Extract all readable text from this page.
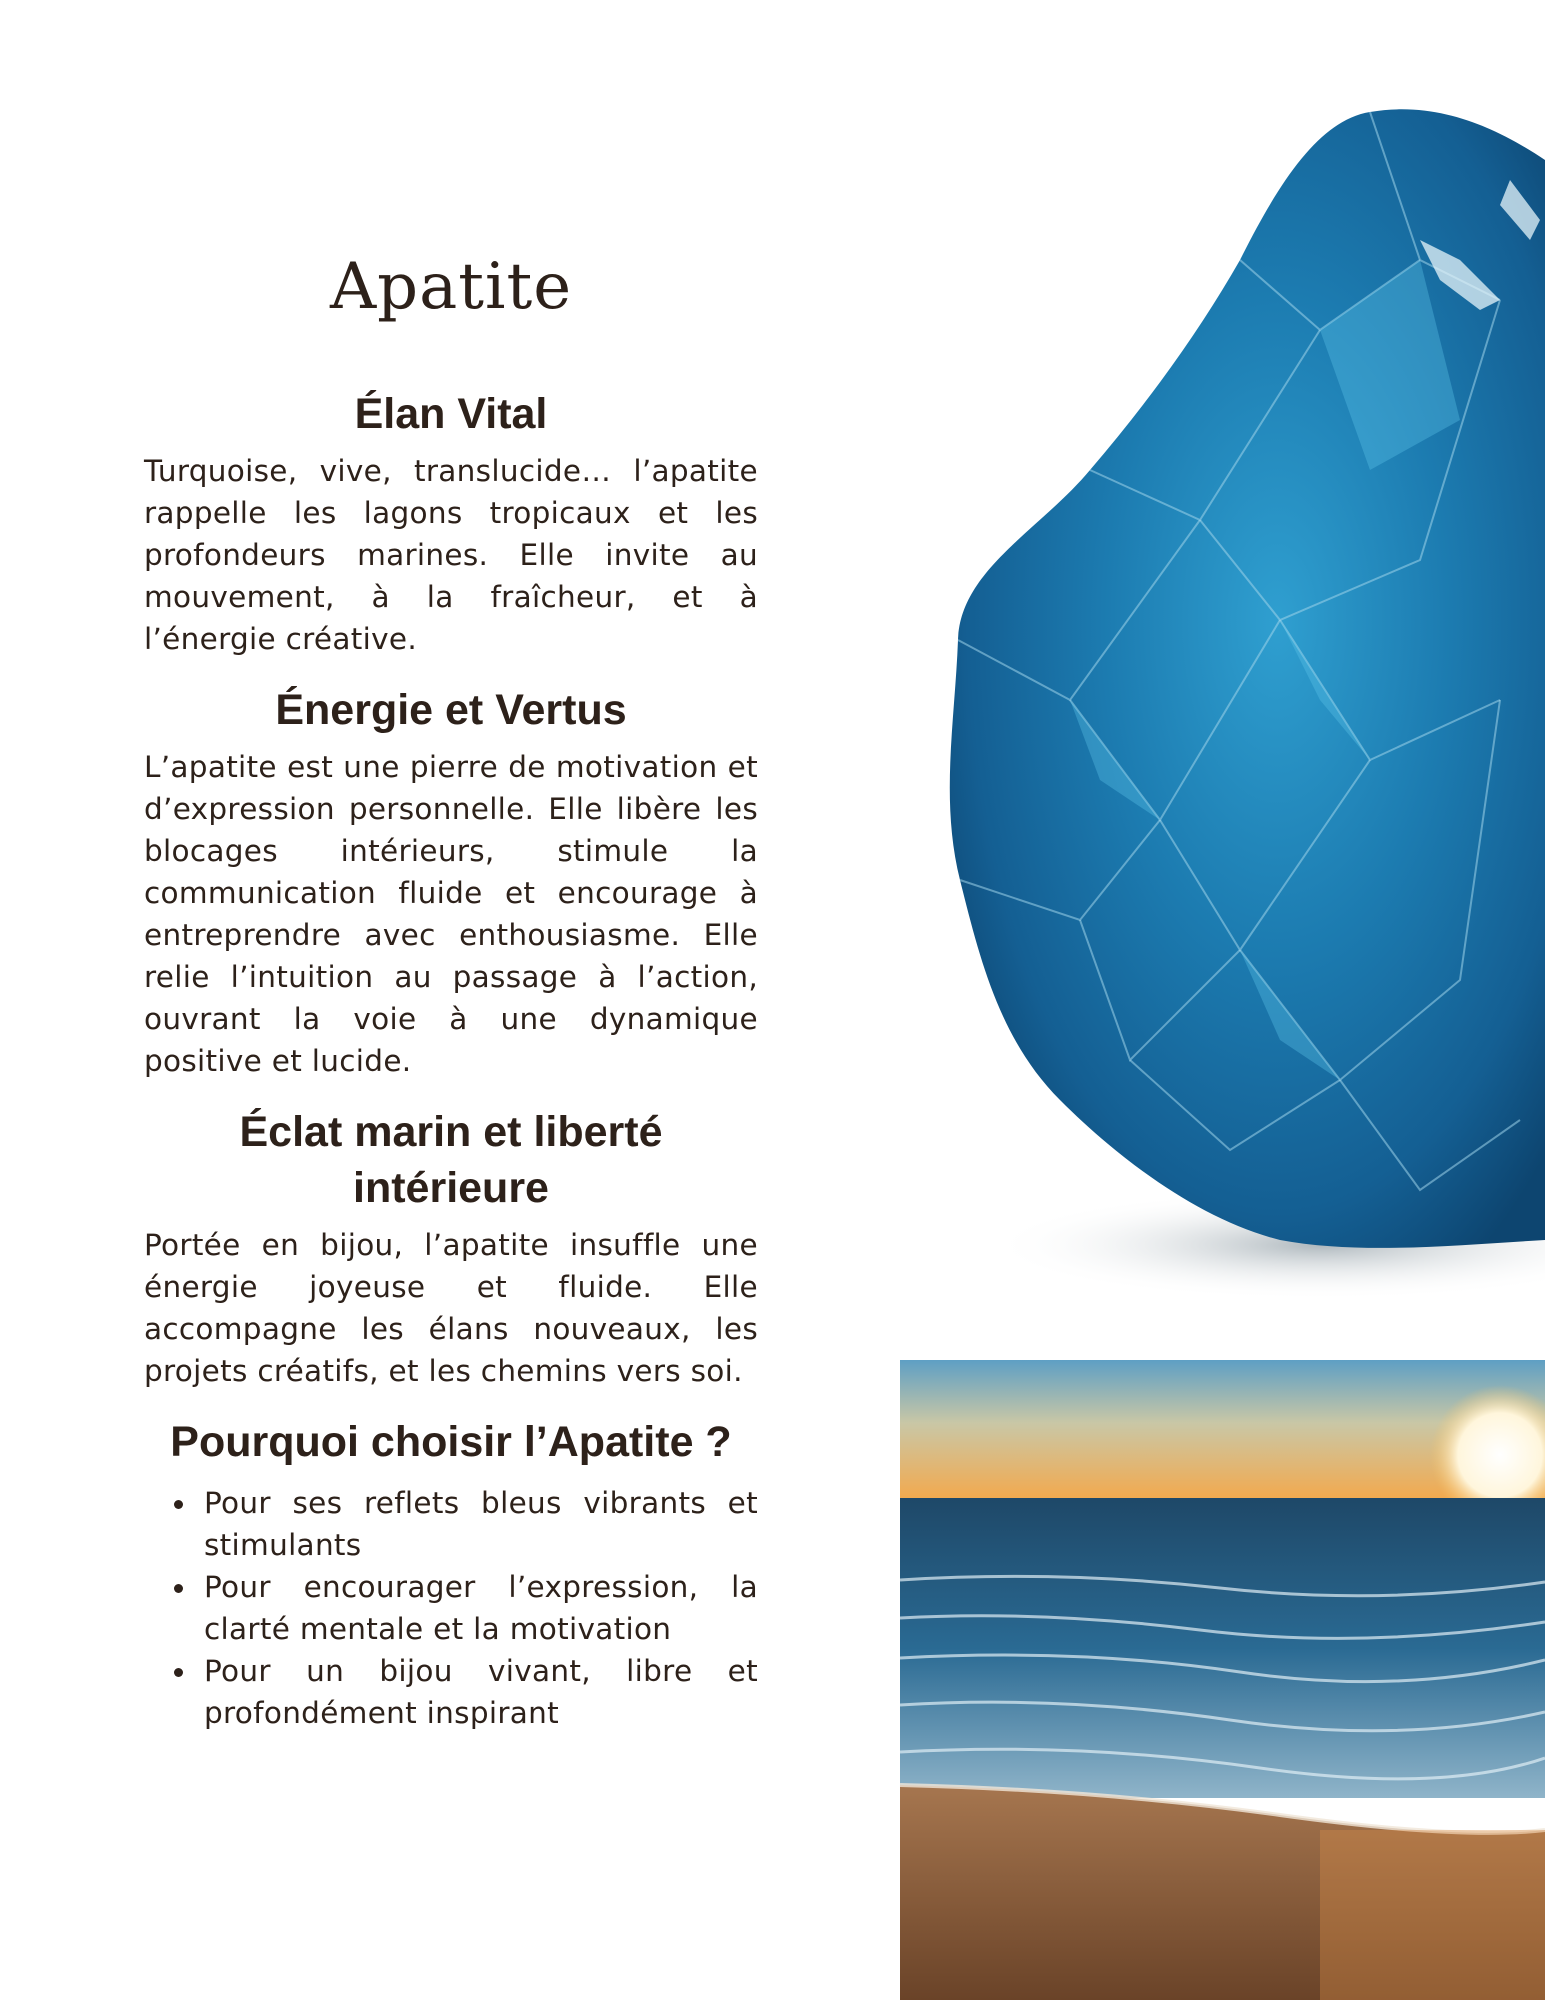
Apatite
Élan Vital

Turquoise, vive, translucide… l’apatite rappelle les lagons tropicaux et les profondeurs marines. Elle invite au mouvement, à la fraîcheur, et à l’énergie créative.

Énergie et Vertus

L’apatite est une pierre de motivation et d’expression personnelle. Elle libère les blocages intérieurs, stimule la communication fluide et encourage à entreprendre avec enthousiasme. Elle relie l’intuition au passage à l’action, ouvrant la voie à une dynamique positive et lucide.

Éclat marin et liberté intérieure

Portée en bijou, l’apatite insuffle une énergie joyeuse et fluide. Elle accompagne les élans nouveaux, les projets créatifs, et les chemins vers soi.

Pourquoi choisir l’Apatite ?
Pour ses reflets bleus vibrants et stimulants
Pour encourager l’expression, la clarté mentale et la motivation
Pour un bijou vivant, libre et profondément inspirant
